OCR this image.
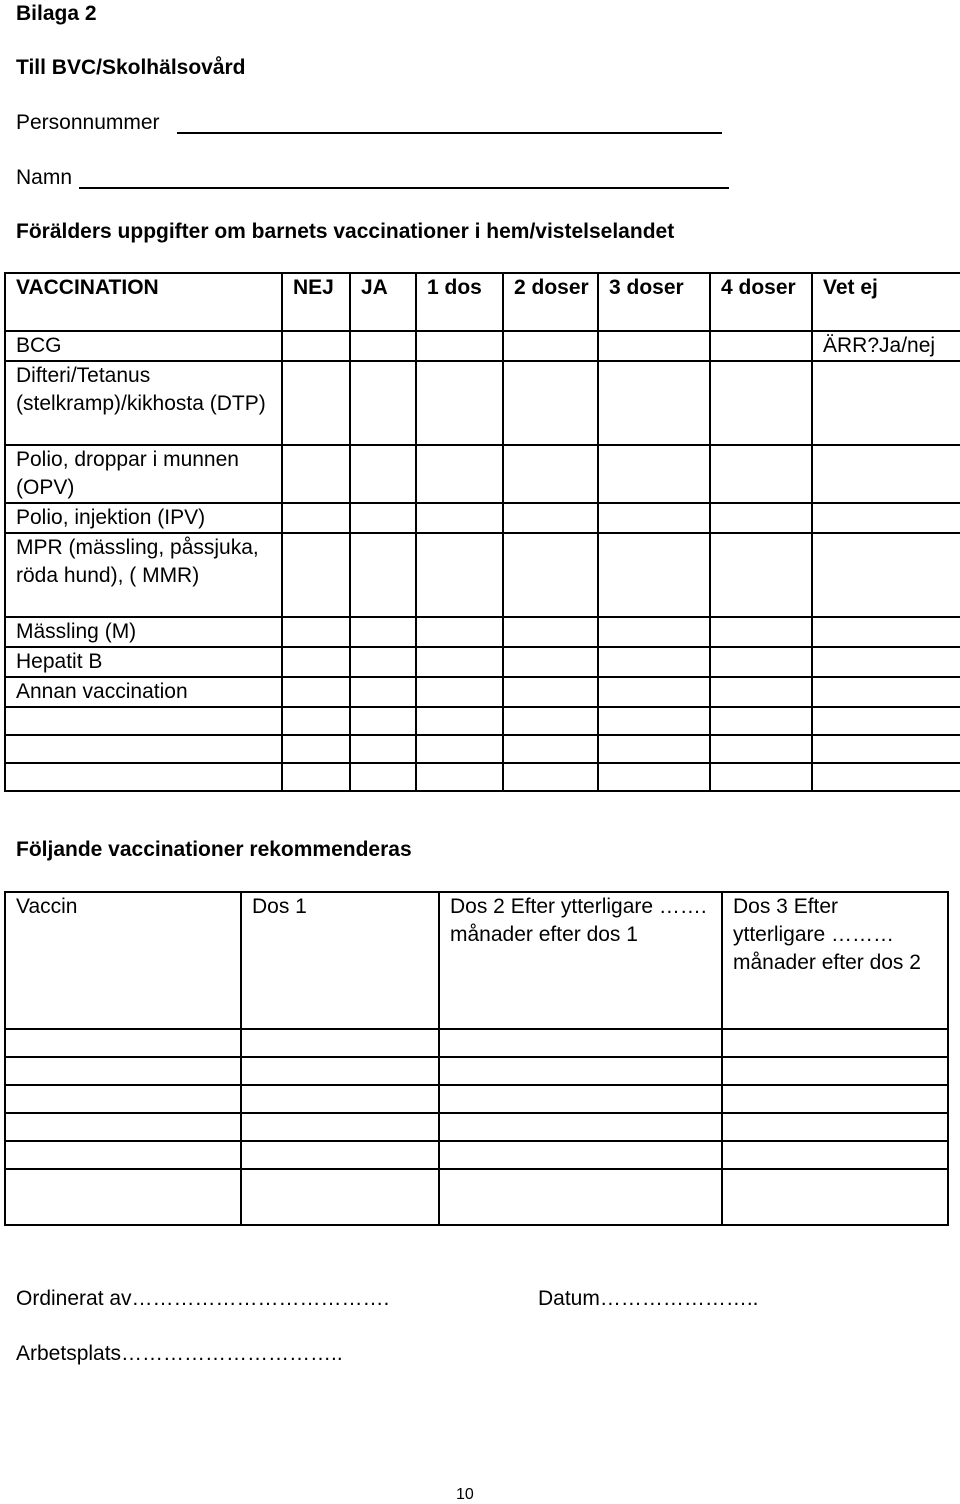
Bilaga 2
Till BVC/Skolhälsovård
Personnummer
Namn
Förälders uppgifter om barnets vaccinationer i hem/vistelselandet
VACCINATION	NEJ	JA	1 dos	2 doser	3 doser	4 doser	Vet ej
BCG							ÄRR?Ja/nej
Difteri/Tetanus (stelkramp)/kikhosta (DTP)							
Polio, droppar i munnen (OPV)							
Polio, injektion (IPV)							
MPR (mässling, påssjuka, röda hund), ( MMR)							
Mässling (M)							
Hepatit B							
Annan vaccination							

Följande vaccinationer rekommenderas
Vaccin	Dos 1	Dos 2 Efter ytterligare ……. månader efter dos 1	Dos 3 Efter ytterligare ……… månader efter dos 2

Ordinerat av……………………………….	Datum…………………..
Arbetsplats…………………………..
10
